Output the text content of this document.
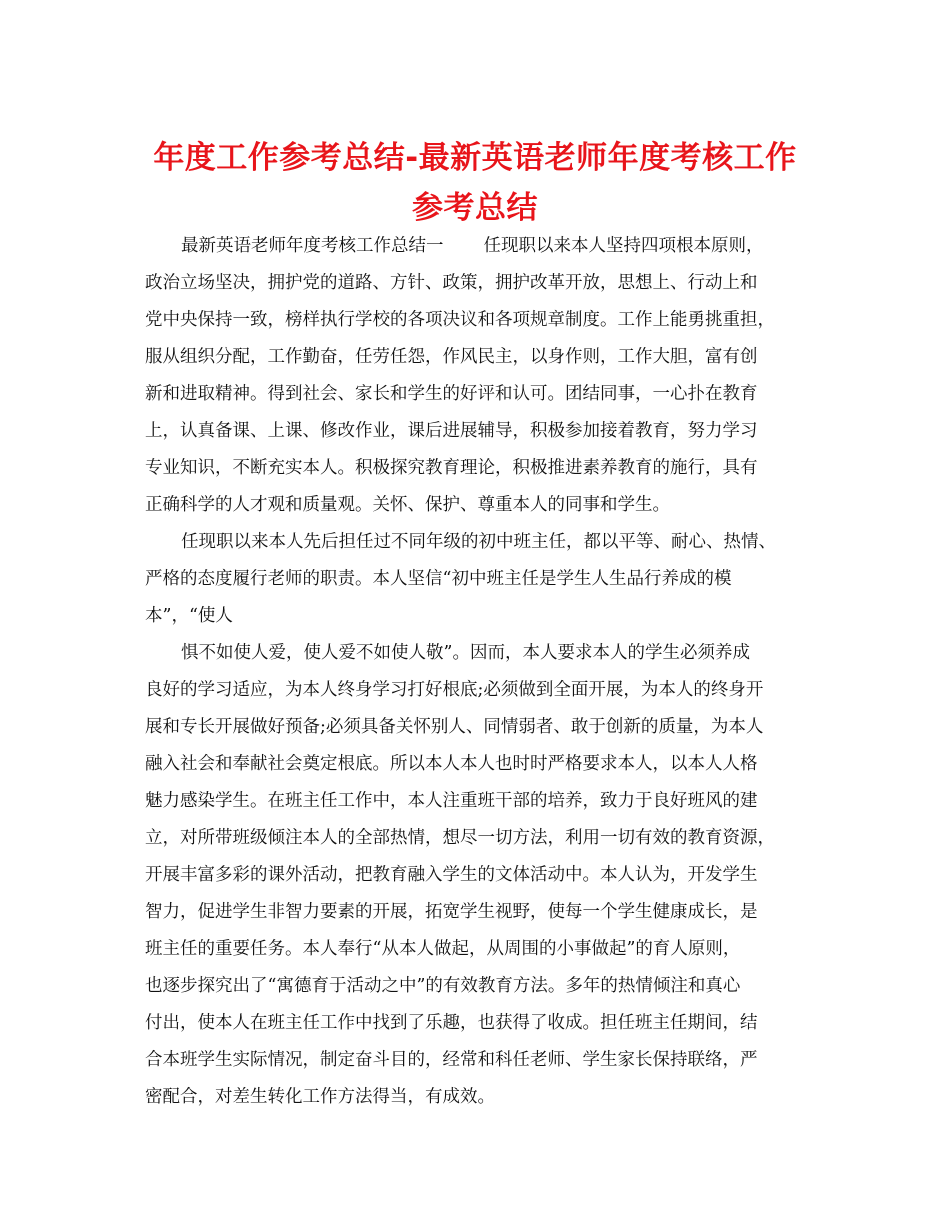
年度工作参考总结-最新英语老师年度考核工作
参考总结
最新英语老师年度考核工作总结一 任现职以来本人坚持四项根本原则，
政治立场坚决，拥护党的道路、方针、政策，拥护改革开放，思想上、行动上和
党中央保持一致，榜样执行学校的各项决议和各项规章制度。工作上能勇挑重担，
服从组织分配，工作勤奋，任劳任怨，作风民主，以身作则，工作大胆，富有创
新和进取精神。得到社会、家长和学生的好评和认可。团结同事，一心扑在教育
上，认真备课、上课、修改作业，课后进展辅导，积极参加接着教育，努力学习
专业知识，不断充实本人。积极探究教育理论，积极推进素养教育的施行，具有
正确科学的人才观和质量观。关怀、保护、尊重本人的同事和学生。
任现职以来本人先后担任过不同年级的初中班主任，都以平等、耐心、热情、
严格的态度履行老师的职责。本人坚信“初中班主任是学生人生品行养成的模
本”，“使人
惧不如使人爱，使人爱不如使人敬”。因而，本人要求本人的学生必须养成
良好的学习适应，为本人终身学习打好根底;必须做到全面开展，为本人的终身开
展和专长开展做好预备;必须具备关怀别人、同情弱者、敢于创新的质量，为本人
融入社会和奉献社会奠定根底。所以本人本人也时时严格要求本人，以本人人格
魅力感染学生。在班主任工作中，本人注重班干部的培养，致力于良好班风的建
立，对所带班级倾注本人的全部热情，想尽一切方法，利用一切有效的教育资源，
开展丰富多彩的课外活动，把教育融入学生的文体活动中。本人认为，开发学生
智力，促进学生非智力要素的开展，拓宽学生视野，使每一个学生健康成长，是
班主任的重要任务。本人奉行“从本人做起，从周围的小事做起”的育人原则，
也逐步探究出了“寓德育于活动之中”的有效教育方法。多年的热情倾注和真心
付出，使本人在班主任工作中找到了乐趣，也获得了收成。担任班主任期间，结
合本班学生实际情况，制定奋斗目的，经常和科任老师、学生家长保持联络，严
密配合，对差生转化工作方法得当，有成效。
